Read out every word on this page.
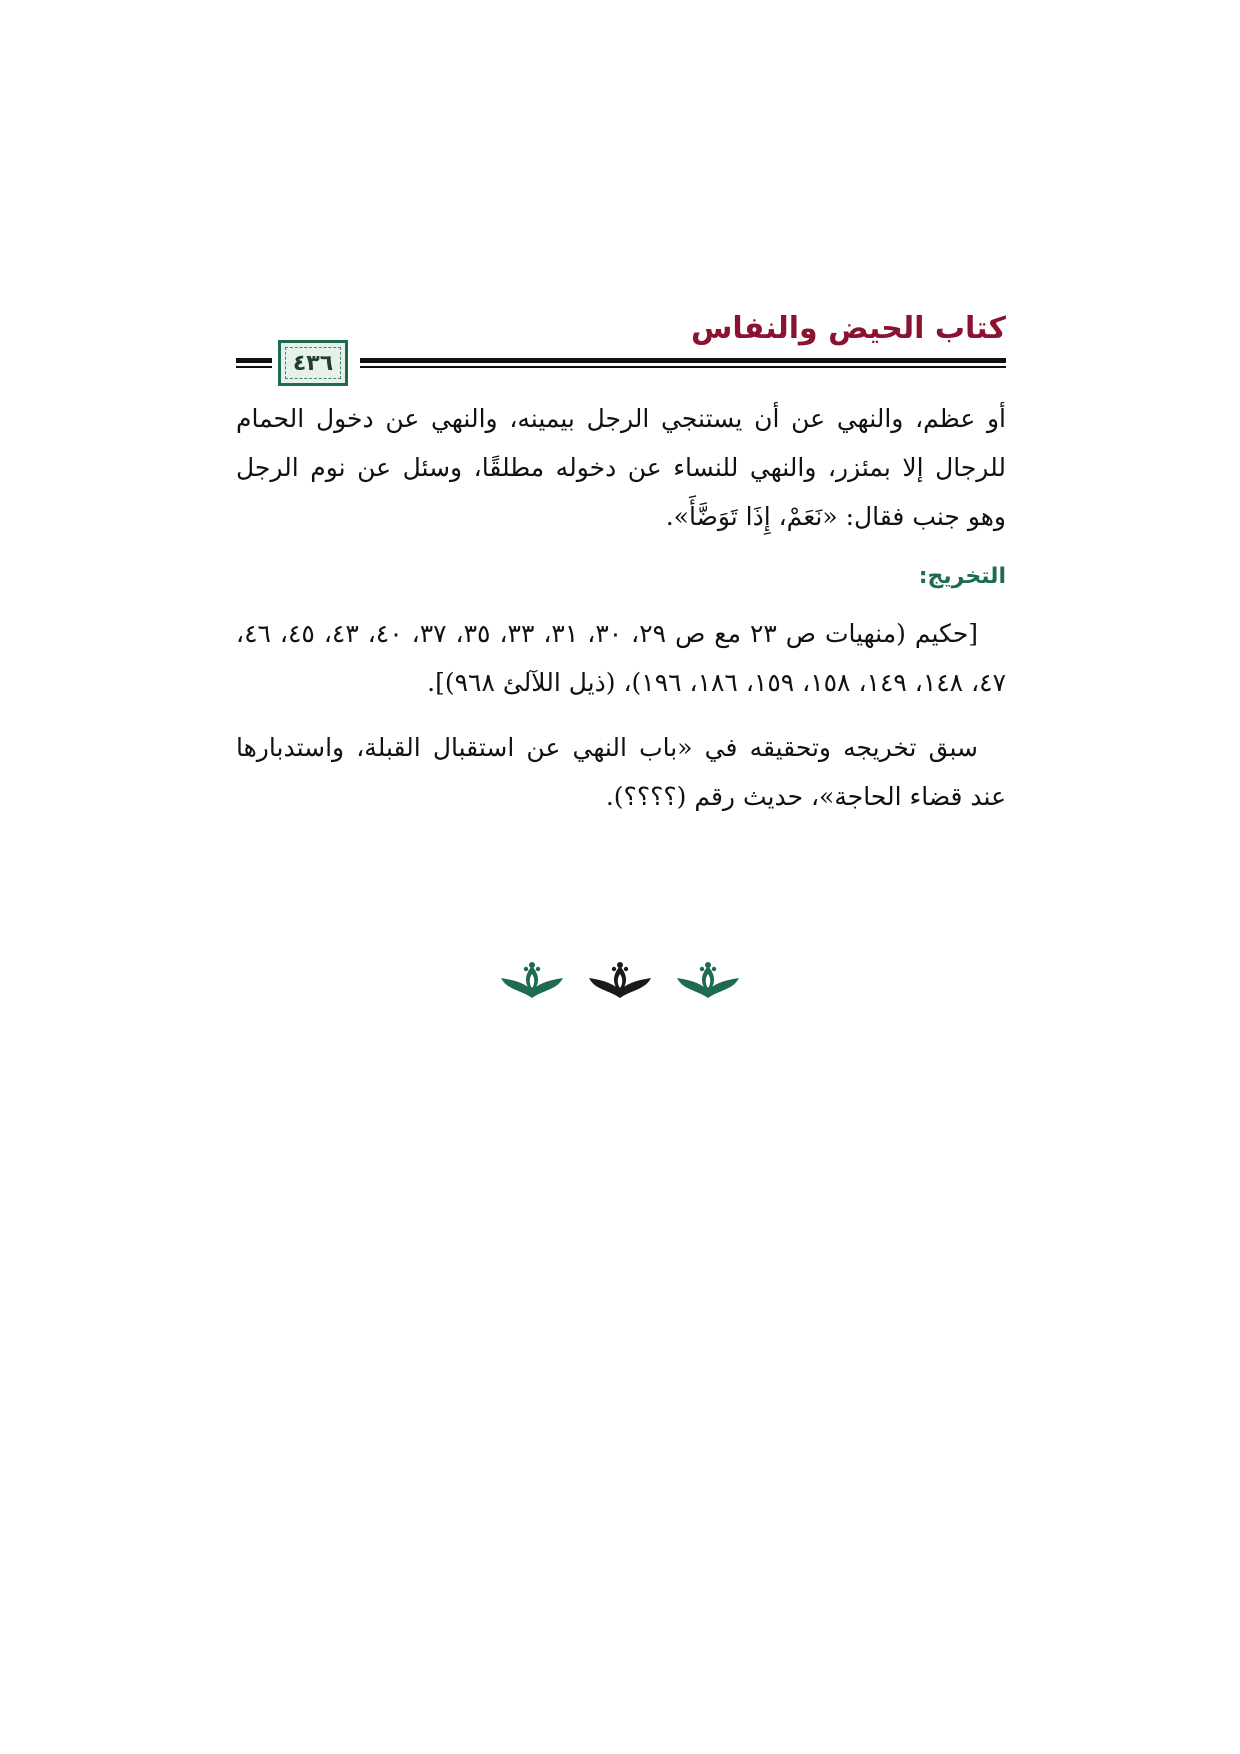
كتاب الحيض والنفاس
٤٣٦

أو عظم، والنهي عن أن يستنجي الرجل بيمينه، والنهي عن دخول الحمام للرجال إلا بمئزر، والنهي للنساء عن دخوله مطلقًا، وسئل عن نوم الرجل وهو جنب فقال: «نَعَمْ، إِذَا تَوَضَّأَ».

التخريج:

[حكيم (منهيات ص ٢٣ مع ص ٢٩، ٣٠، ٣١، ٣٣، ٣٥، ٣٧، ٤٠، ٤٣، ٤٥، ٤٦، ٤٧، ١٤٨، ١٤٩، ١٥٨، ١٥٩، ١٨٦، ١٩٦)، (ذيل اللآلئ ٩٦٨)].

سبق تخريجه وتحقيقه في «باب النهي عن استقبال القبلة، واستدبارها عند قضاء الحاجة»، حديث رقم (؟؟؟؟).
